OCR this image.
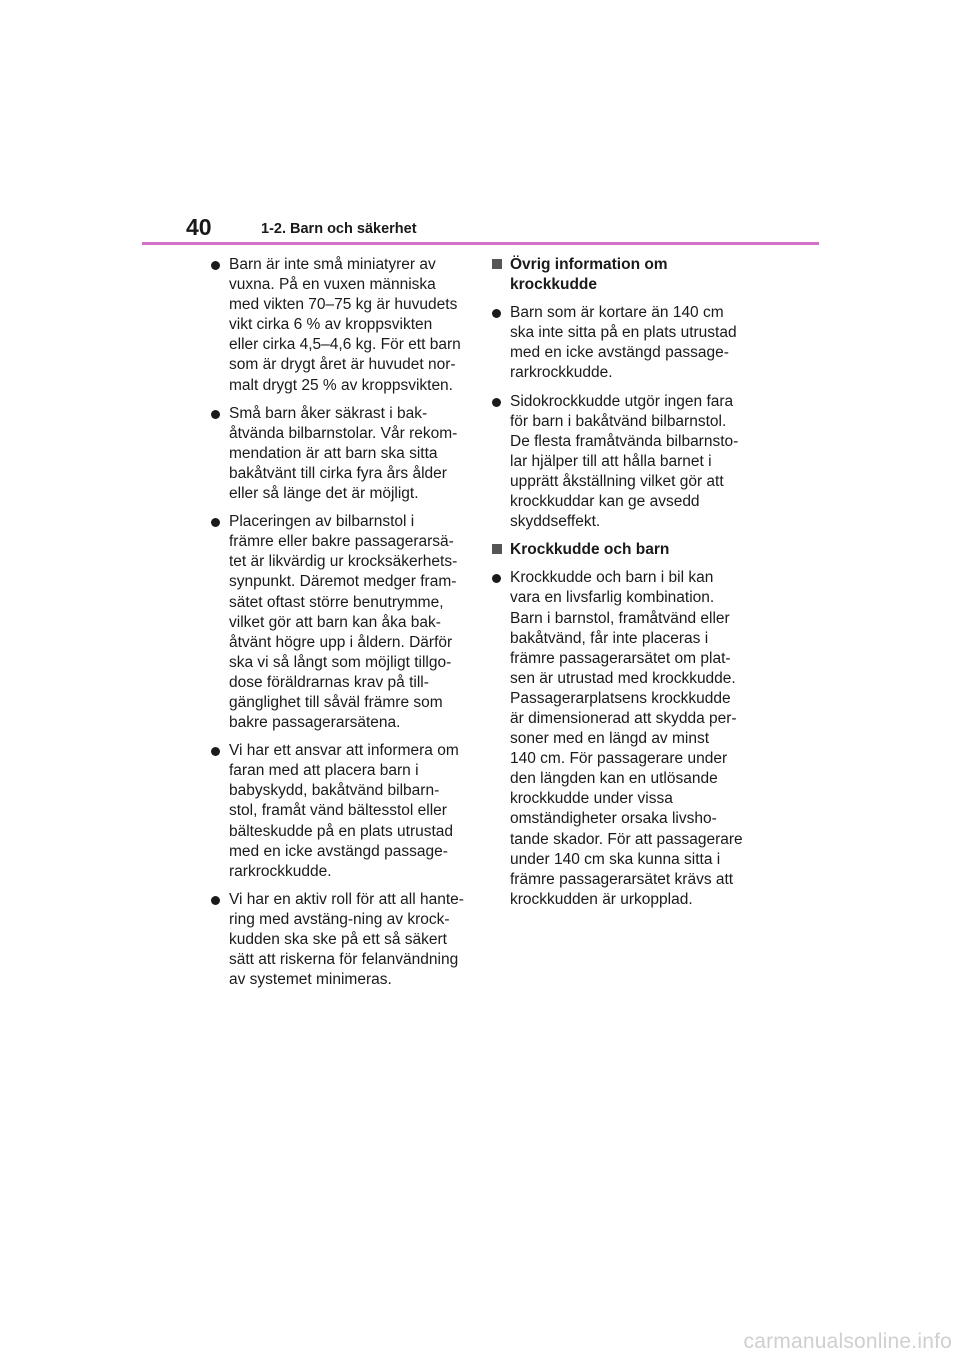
40	1-2. Barn och säkerhet
Barn är inte små miniatyrer av
vuxna. På en vuxen människa
med vikten 70–75 kg är huvudets
vikt cirka 6 % av kroppsvikten
eller cirka 4,5–4,6 kg. För ett barn
som är drygt året är huvudet nor-
malt drygt 25 % av kroppsvikten.
Små barn åker säkrast i bak-
åtvända bilbarnstolar. Vår rekom-
mendation är att barn ska sitta
bakåtvänt till cirka fyra års ålder
eller så länge det är möjligt.
Placeringen av bilbarnstol i
främre eller bakre passagerarsä-
tet är likvärdig ur krocksäkerhets-
synpunkt. Däremot medger fram-
sätet oftast större benutrymme,
vilket gör att barn kan åka bak-
åtvänt högre upp i åldern. Därför
ska vi så långt som möjligt tillgo-
dose föräldrarnas krav på till-
gänglighet till såväl främre som
bakre passagerarsätena.
Vi har ett ansvar att informera om
faran med att placera barn i
babyskydd, bakåtvänd bilbarn-
stol, framåt vänd bältesstol eller
bälteskudde på en plats utrustad
med en icke avstängd passage-
rarkrockkudde.
Vi har en aktiv roll för att all hante-
ring med avstäng-ning av krock-
kudden ska ske på ett så säkert
sätt att riskerna för felanvändning
av systemet minimeras.
Övrig information om
krockkudde
Barn som är kortare än 140 cm
ska inte sitta på en plats utrustad
med en icke avstängd passage-
rarkrockkudde.
Sidokrockkudde utgör ingen fara
för barn i bakåtvänd bilbarnstol.
De flesta framåtvända bilbarnsto-
lar hjälper till att hålla barnet i
upprätt åkställning vilket gör att
krockkuddar kan ge avsedd
skyddseffekt.
Krockkudde och barn
Krockkudde och barn i bil kan
vara en livsfarlig kombination.
Barn i barnstol, framåtvänd eller
bakåtvänd, får inte placeras i
främre passagerarsätet om plat-
sen är utrustad med krockkudde.
Passagerarplatsens krockkudde
är dimensionerad att skydda per-
soner med en längd av minst
140 cm. För passagerare under
den längden kan en utlösande
krockkudde under vissa
omständigheter orsaka livsho-
tande skador. För att passagerare
under 140 cm ska kunna sitta i
främre passagerarsätet krävs att
krockkudden är urkopplad.
carmanualsonline.info
